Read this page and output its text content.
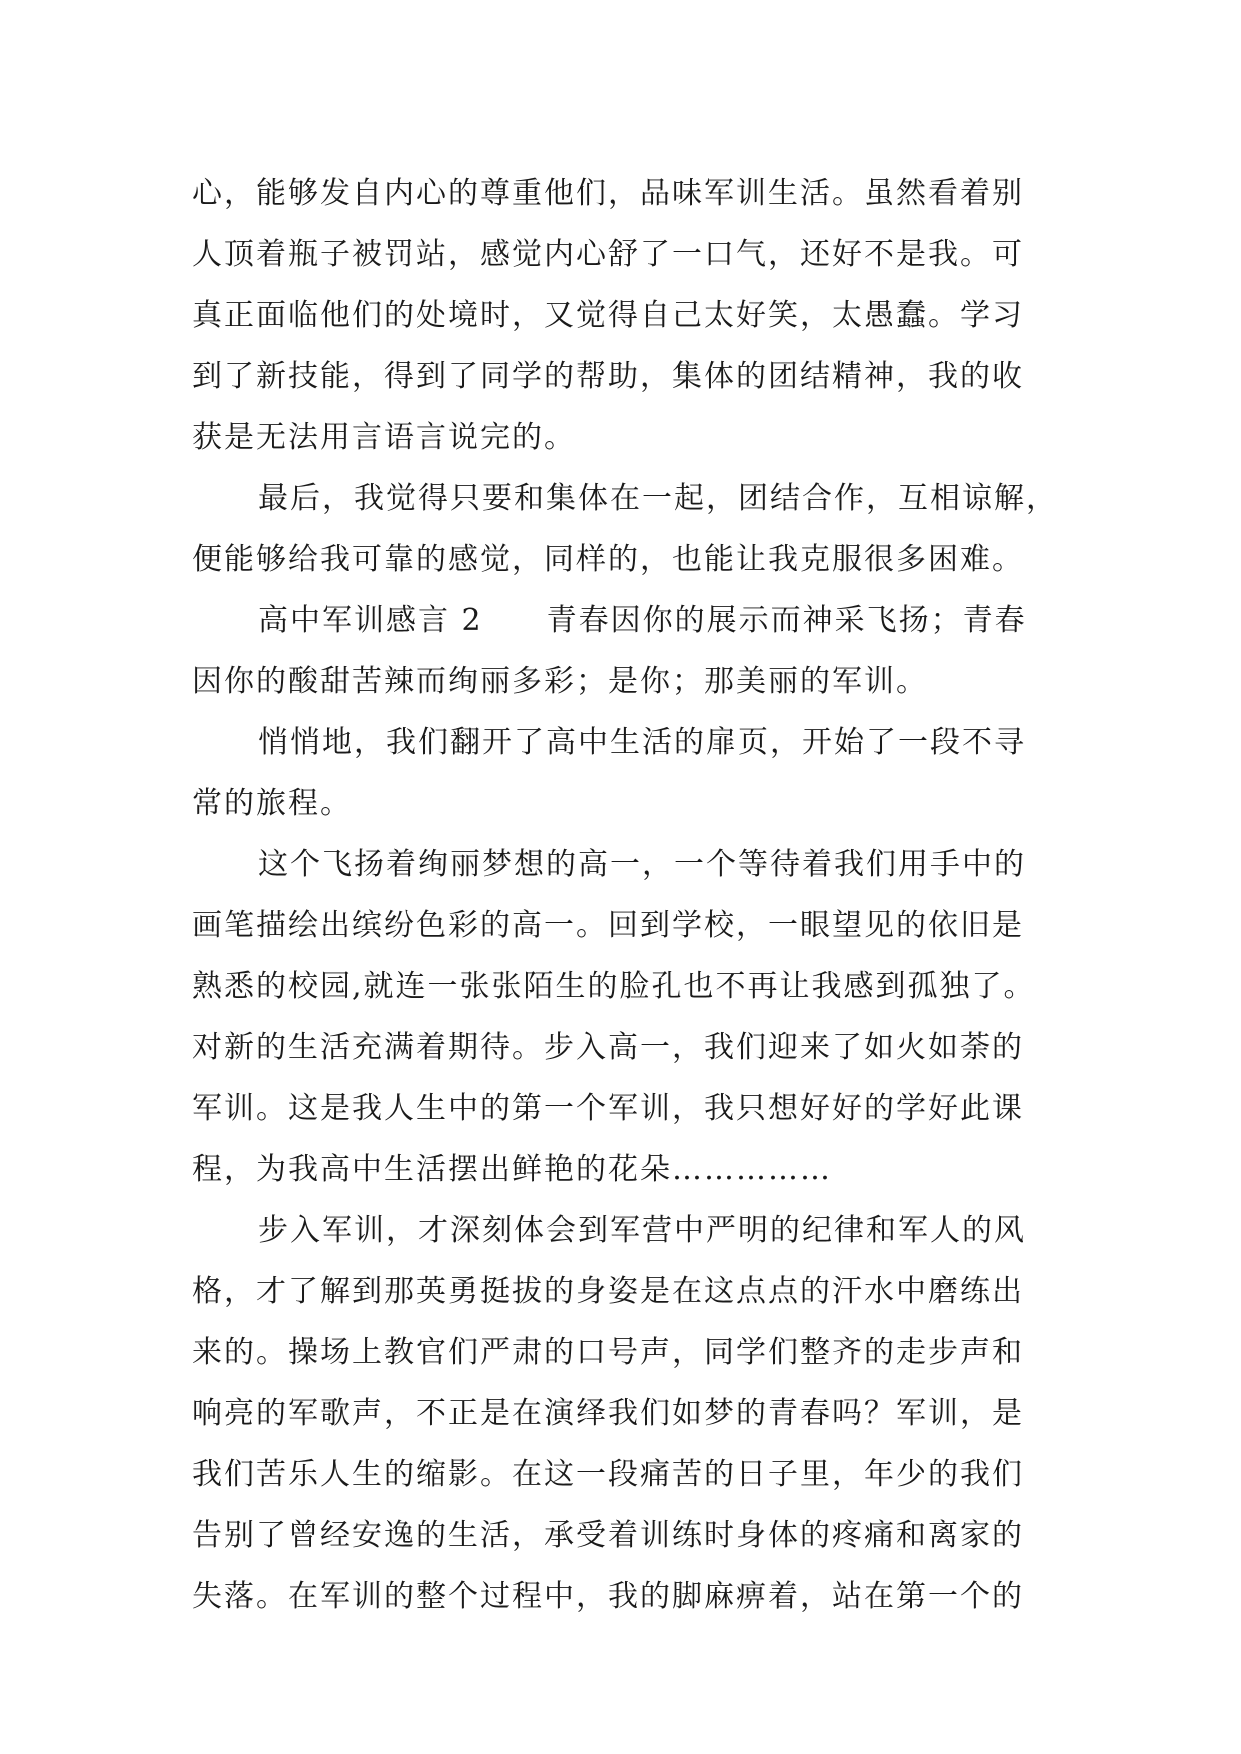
心，能够发自内心的尊重他们，品味军训生活。虽然看着别
人顶着瓶子被罚站，感觉内心舒了一口气，还好不是我。可
真正面临他们的处境时，又觉得自己太好笑，太愚蠢。学习
到了新技能，得到了同学的帮助，集体的团结精神，我的收
获是无法用言语言说完的。
最后，我觉得只要和集体在一起，团结合作，互相谅解，
便能够给我可靠的感觉，同样的，也能让我克服很多困难。
高中军训感言 2　　青春因你的展示而神采飞扬；青春
因你的酸甜苦辣而绚丽多彩；是你；那美丽的军训。
悄悄地，我们翻开了高中生活的扉页，开始了一段不寻
常的旅程。
这个飞扬着绚丽梦想的高一，一个等待着我们用手中的
画笔描绘出缤纷色彩的高一。回到学校，一眼望见的依旧是
熟悉的校园,就连一张张陌生的脸孔也不再让我感到孤独了。
对新的生活充满着期待。步入高一，我们迎来了如火如荼的
军训。这是我人生中的第一个军训，我只想好好的学好此课
程，为我高中生活摆出鲜艳的花朵……………
步入军训，才深刻体会到军营中严明的纪律和军人的风
格，才了解到那英勇挺拔的身姿是在这点点的汗水中磨练出
来的。操场上教官们严肃的口号声，同学们整齐的走步声和
响亮的军歌声，不正是在演绎我们如梦的青春吗？军训，是
我们苦乐人生的缩影。在这一段痛苦的日子里，年少的我们
告别了曾经安逸的生活，承受着训练时身体的疼痛和离家的
失落。在军训的整个过程中，我的脚麻痹着，站在第一个的
